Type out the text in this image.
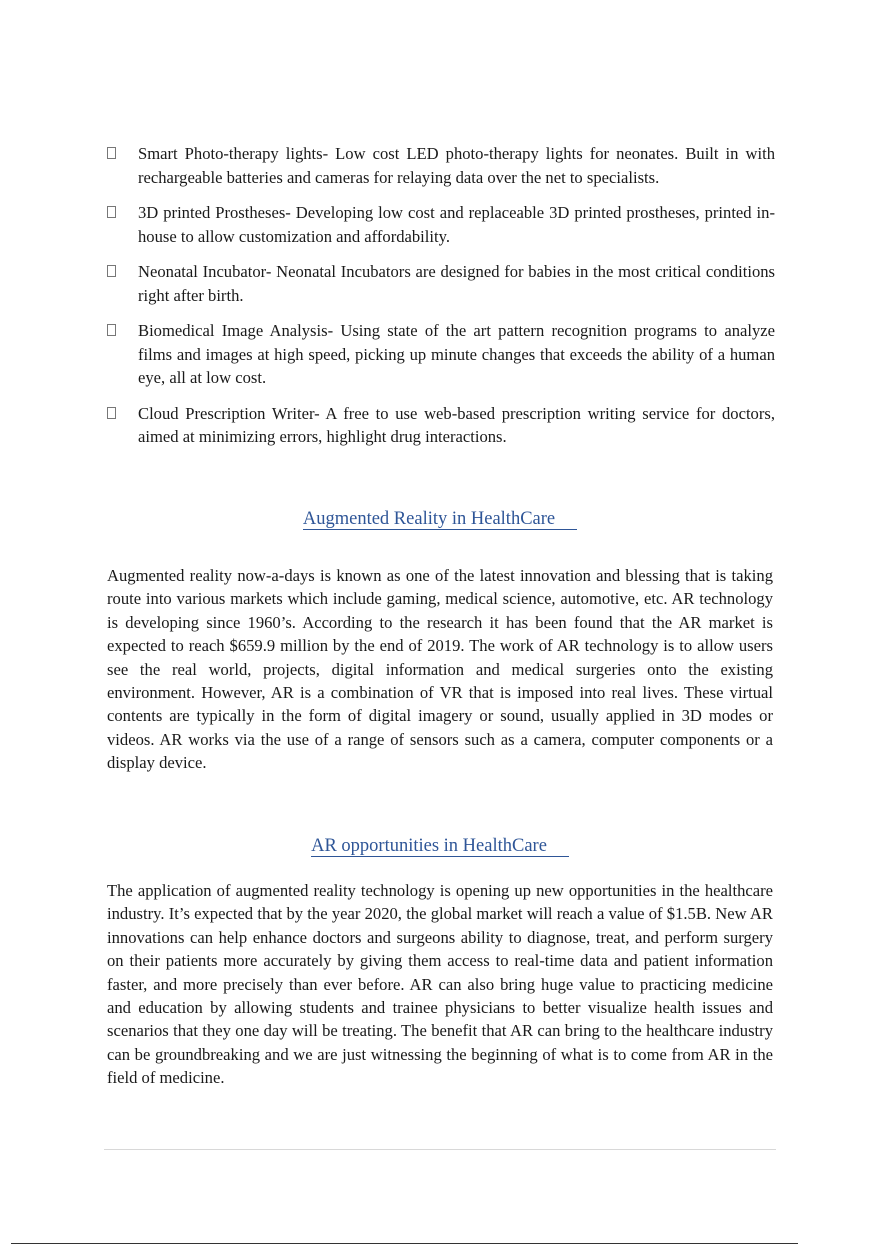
Smart Photo-therapy lights- Low cost LED photo-therapy lights for neonates. Built in with rechargeable batteries and cameras for relaying data over the net to specialists.
3D printed Prostheses- Developing low cost and replaceable 3D printed prostheses, printed in-house to allow customization and affordability.
Neonatal Incubator- Neonatal Incubators are designed for babies in the most critical conditions right after birth.
Biomedical Image Analysis- Using state of the art pattern recognition programs to analyze films and images at high speed, picking up minute changes that exceeds the ability of a human eye, all at low cost.
Cloud Prescription Writer- A free to use web-based prescription writing service for doctors, aimed at minimizing errors, highlight drug interactions.
Augmented Reality in HealthCare

Augmented reality now-a-days is known as one of the latest innovation and blessing that is taking route into various markets which include gaming, medical science, automotive, etc. AR technology is developing since 1960’s. According to the research it has been found that the AR market is expected to reach $659.9 million by the end of 2019. The work of AR technology is to allow users see the real world, projects, digital information and medical surgeries onto the existing environment. However, AR is a combination of VR that is imposed into real lives. These virtual contents are typically in the form of digital imagery or sound, usually applied in 3D modes or videos. AR works via the use of a range of sensors such as a camera, computer components or a display device.

AR opportunities in HealthCare

The application of augmented reality technology is opening up new opportunities in the healthcare industry. It’s expected that by the year 2020, the global market will reach a value of $1.5B. New AR innovations can help enhance doctors and surgeons ability to diagnose, treat, and perform surgery on their patients more accurately by giving them access to real-time data and patient information faster, and more precisely than ever before. AR can also bring huge value to practicing medicine and education by allowing students and trainee physicians to better visualize health issues and scenarios that they one day will be treating. The benefit that AR can bring to the healthcare industry can be groundbreaking and we are just witnessing the beginning of what is to come from AR in the field of medicine.
